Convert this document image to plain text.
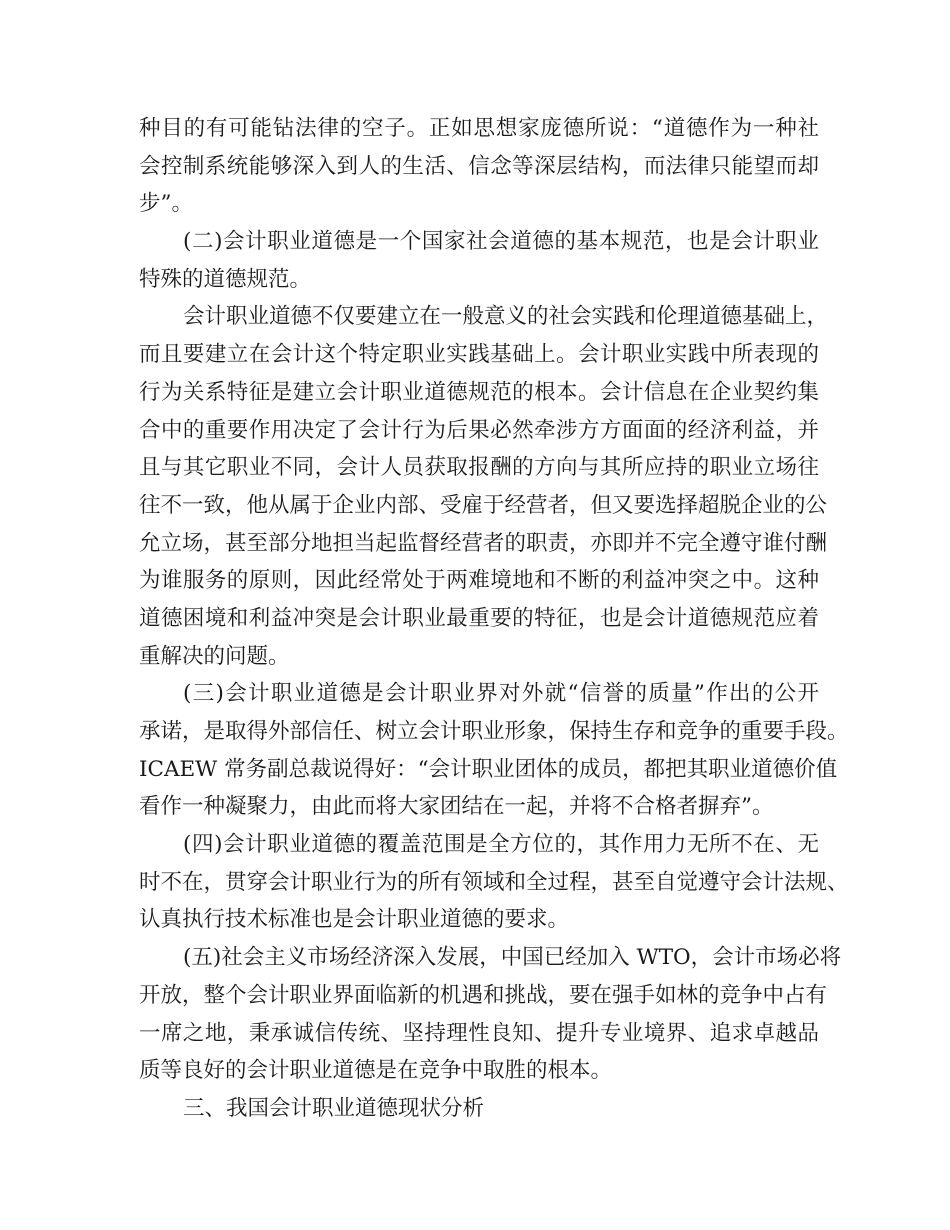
种目的有可能钻法律的空子。正如思想家庞德所说：“道德作为一种社
会控制系统能够深入到人的生活、信念等深层结构，而法律只能望而却
步”。
(二)会计职业道德是一个国家社会道德的基本规范，也是会计职业
特殊的道德规范。
会计职业道德不仅要建立在一般意义的社会实践和伦理道德基础上，
而且要建立在会计这个特定职业实践基础上。会计职业实践中所表现的
行为关系特征是建立会计职业道德规范的根本。会计信息在企业契约集
合中的重要作用决定了会计行为后果必然牵涉方方面面的经济利益，并
且与其它职业不同，会计人员获取报酬的方向与其所应持的职业立场往
往不一致，他从属于企业内部、受雇于经营者，但又要选择超脱企业的公
允立场，甚至部分地担当起监督经营者的职责，亦即并不完全遵守谁付酬
为谁服务的原则，因此经常处于两难境地和不断的利益冲突之中。这种
道德困境和利益冲突是会计职业最重要的特征，也是会计道德规范应着
重解决的问题。
(三)会计职业道德是会计职业界对外就“信誉的质量”作出的公开
承诺，是取得外部信任、树立会计职业形象，保持生存和竞争的重要手段。
ICAEW 常务副总裁说得好：“会计职业团体的成员，都把其职业道德价值
看作一种凝聚力，由此而将大家团结在一起，并将不合格者摒弃”。
(四)会计职业道德的覆盖范围是全方位的，其作用力无所不在、无
时不在，贯穿会计职业行为的所有领域和全过程，甚至自觉遵守会计法规、
认真执行技术标准也是会计职业道德的要求。
(五)社会主义市场经济深入发展，中国已经加入 WTO，会计市场必将
开放，整个会计职业界面临新的机遇和挑战，要在强手如林的竞争中占有
一席之地，秉承诚信传统、坚持理性良知、提升专业境界、追求卓越品
质等良好的会计职业道德是在竞争中取胜的根本。
三、我国会计职业道德现状分析
